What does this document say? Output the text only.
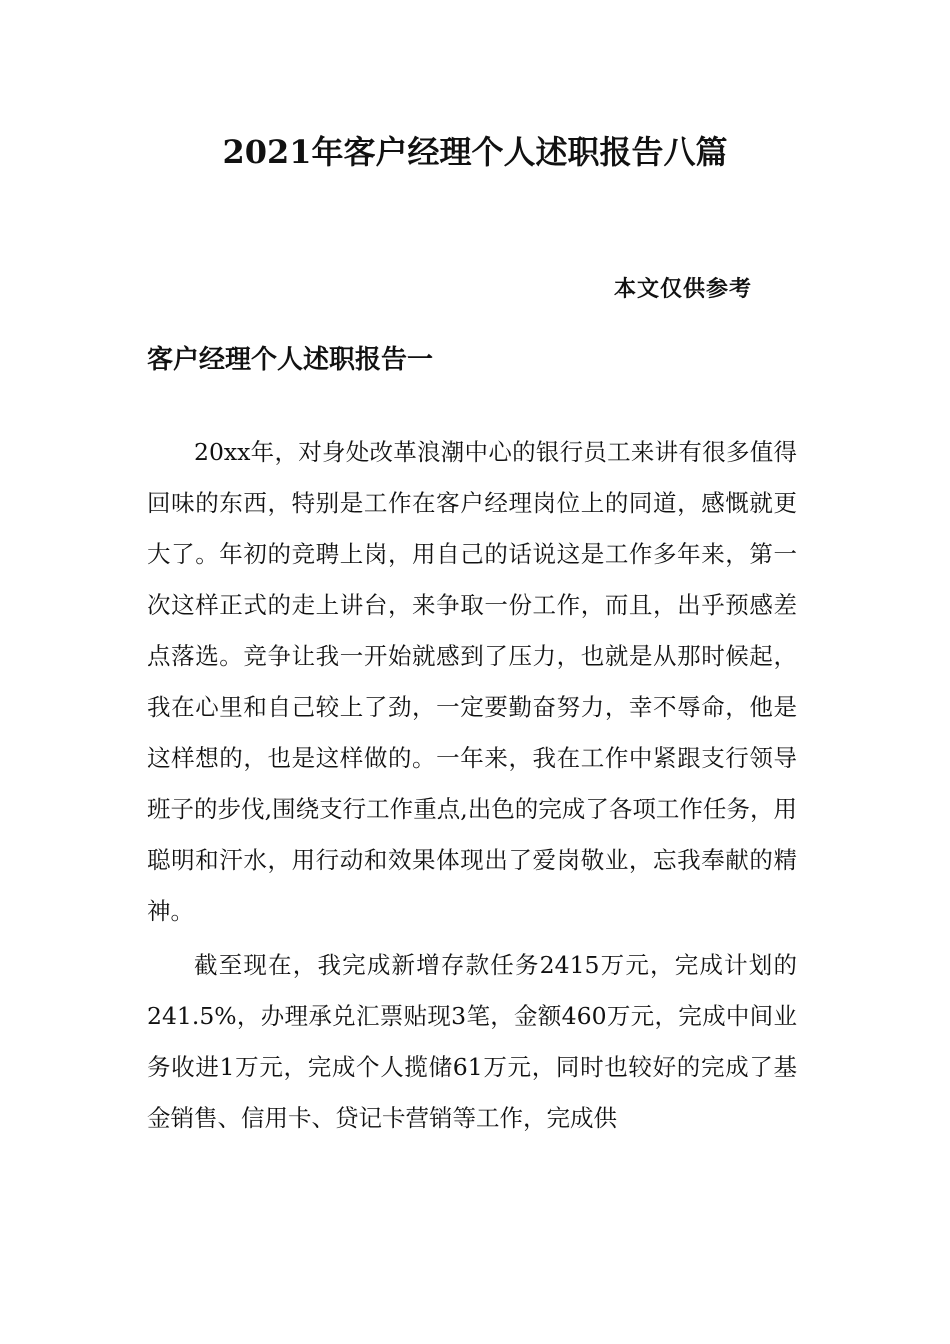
2021年客户经理个人述职报告八篇
本文仅供参考
客户经理个人述职报告一

20xx年，对身处改革浪潮中心的银行员工来讲有很多值得回味的东西，特别是工作在客户经理岗位上的同道，感慨就更大了。年初的竞聘上岗，用自己的话说这是工作多年来，第一次这样正式的走上讲台，来争取一份工作，而且，出乎预感差点落选。竞争让我一开始就感到了压力，也就是从那时候起，我在心里和自己较上了劲，一定要勤奋努力，幸不辱命，他是这样想的，也是这样做的。一年来，我在工作中紧跟支行领导班子的步伐,围绕支行工作重点,出色的完成了各项工作任务，用聪明和汗水，用行动和效果体现出了爱岗敬业，忘我奉献的精神。

截至现在，我完成新增存款任务2415万元，完成计划的241.5%，办理承兑汇票贴现3笔，金额460万元，完成中间业务收进1万元，完成个人揽储61万元，同时也较好的完成了基金销售、信用卡、贷记卡营销等工作，完成供
